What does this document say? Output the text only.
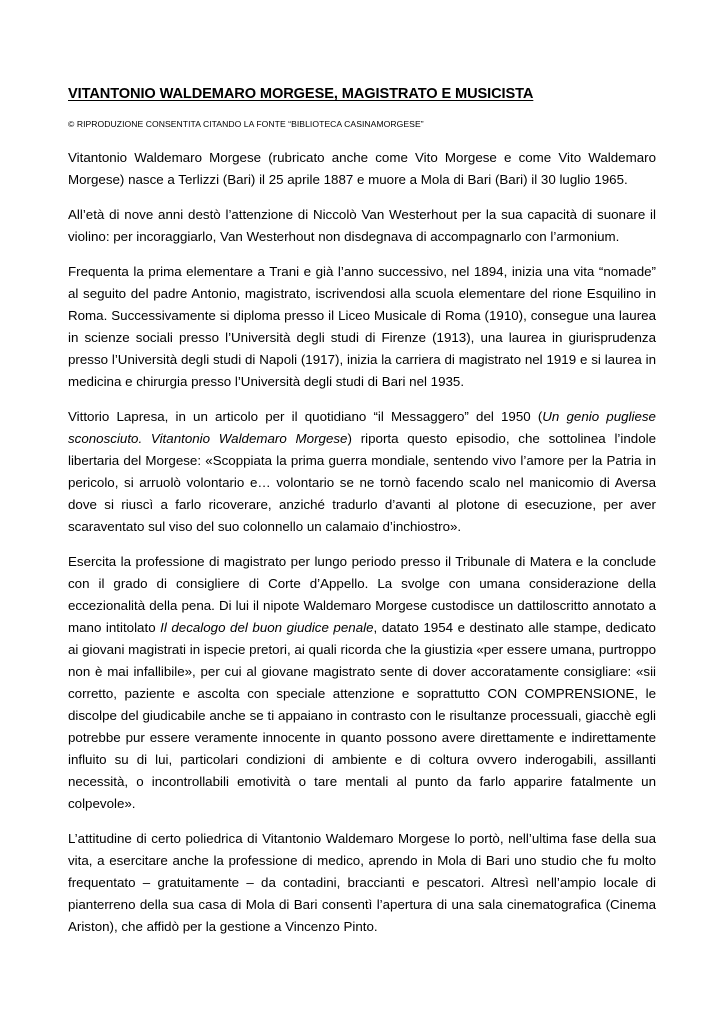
VITANTONIO WALDEMARO MORGESE, MAGISTRATO E MUSICISTA

© RIPRODUZIONE CONSENTITA CITANDO LA FONTE “BIBLIOTECA CASINAMORGESE”

Vitantonio Waldemaro Morgese (rubricato anche come Vito Morgese e come Vito Waldemaro Morgese) nasce a Terlizzi (Bari) il 25 aprile 1887 e muore a Mola di Bari (Bari) il 30 luglio 1965.

All’età di nove anni destò l’attenzione di Niccolò Van Westerhout per la sua capacità di suonare il violino: per incoraggiarlo, Van Westerhout non disdegnava di accompagnarlo con l’armonium.

Frequenta la prima elementare a Trani e già l’anno successivo, nel 1894, inizia una vita “nomade” al seguito del padre Antonio, magistrato, iscrivendosi alla scuola elementare del rione Esquilino in Roma. Successivamente si diploma presso il Liceo Musicale di Roma (1910), consegue una laurea in scienze sociali presso l’Università degli studi di Firenze (1913), una laurea in giurisprudenza presso l’Università degli studi di Napoli (1917), inizia la carriera di magistrato nel 1919 e si laurea in medicina e chirurgia presso l’Università degli studi di Bari nel 1935.

Vittorio Lapresa, in un articolo per il quotidiano “il Messaggero” del 1950 (Un genio pugliese sconosciuto. Vitantonio Waldemaro Morgese) riporta questo episodio, che sottolinea l’indole libertaria del Morgese: «Scoppiata la prima guerra mondiale, sentendo vivo l’amore per la Patria in pericolo, si arruolò volontario e… volontario se ne tornò facendo scalo nel manicomio di Aversa dove si riuscì a farlo ricoverare, anziché tradurlo d’avanti al plotone di esecuzione, per aver scaraventato sul viso del suo colonnello un calamaio d’inchiostro».

Esercita la professione di magistrato per lungo periodo presso il Tribunale di Matera e la conclude con il grado di consigliere di Corte d’Appello. La svolge con umana considerazione della eccezionalità della pena. Di lui il nipote Waldemaro Morgese custodisce un dattiloscritto annotato a mano intitolato Il decalogo del buon giudice penale, datato 1954 e destinato alle stampe, dedicato ai giovani magistrati in ispecie pretori, ai quali ricorda che la giustizia «per essere umana, purtroppo non è mai infallibile», per cui al giovane magistrato sente di dover accoratamente consigliare: «sii corretto, paziente e ascolta con speciale attenzione e soprattutto CON COMPRENSIONE, le discolpe del giudicabile anche se ti appaiano in contrasto con le risultanze processuali, giacchè egli potrebbe pur essere veramente innocente in quanto possono avere direttamente e indirettamente influito su di lui, particolari condizioni di ambiente e di coltura ovvero inderogabili, assillanti necessità, o incontrollabili emotività o tare mentali al punto da farlo apparire fatalmente un colpevole».

L’attitudine di certo poliedrica di Vitantonio Waldemaro Morgese lo portò, nell’ultima fase della sua vita, a esercitare anche la professione di medico, aprendo in Mola di Bari uno studio che fu molto frequentato – gratuitamente – da contadini, braccianti e pescatori. Altresì nell’ampio locale di pianterreno della sua casa di Mola di Bari consentì l’apertura di una sala cinematografica (Cinema Ariston), che affidò per la gestione a Vincenzo Pinto.
